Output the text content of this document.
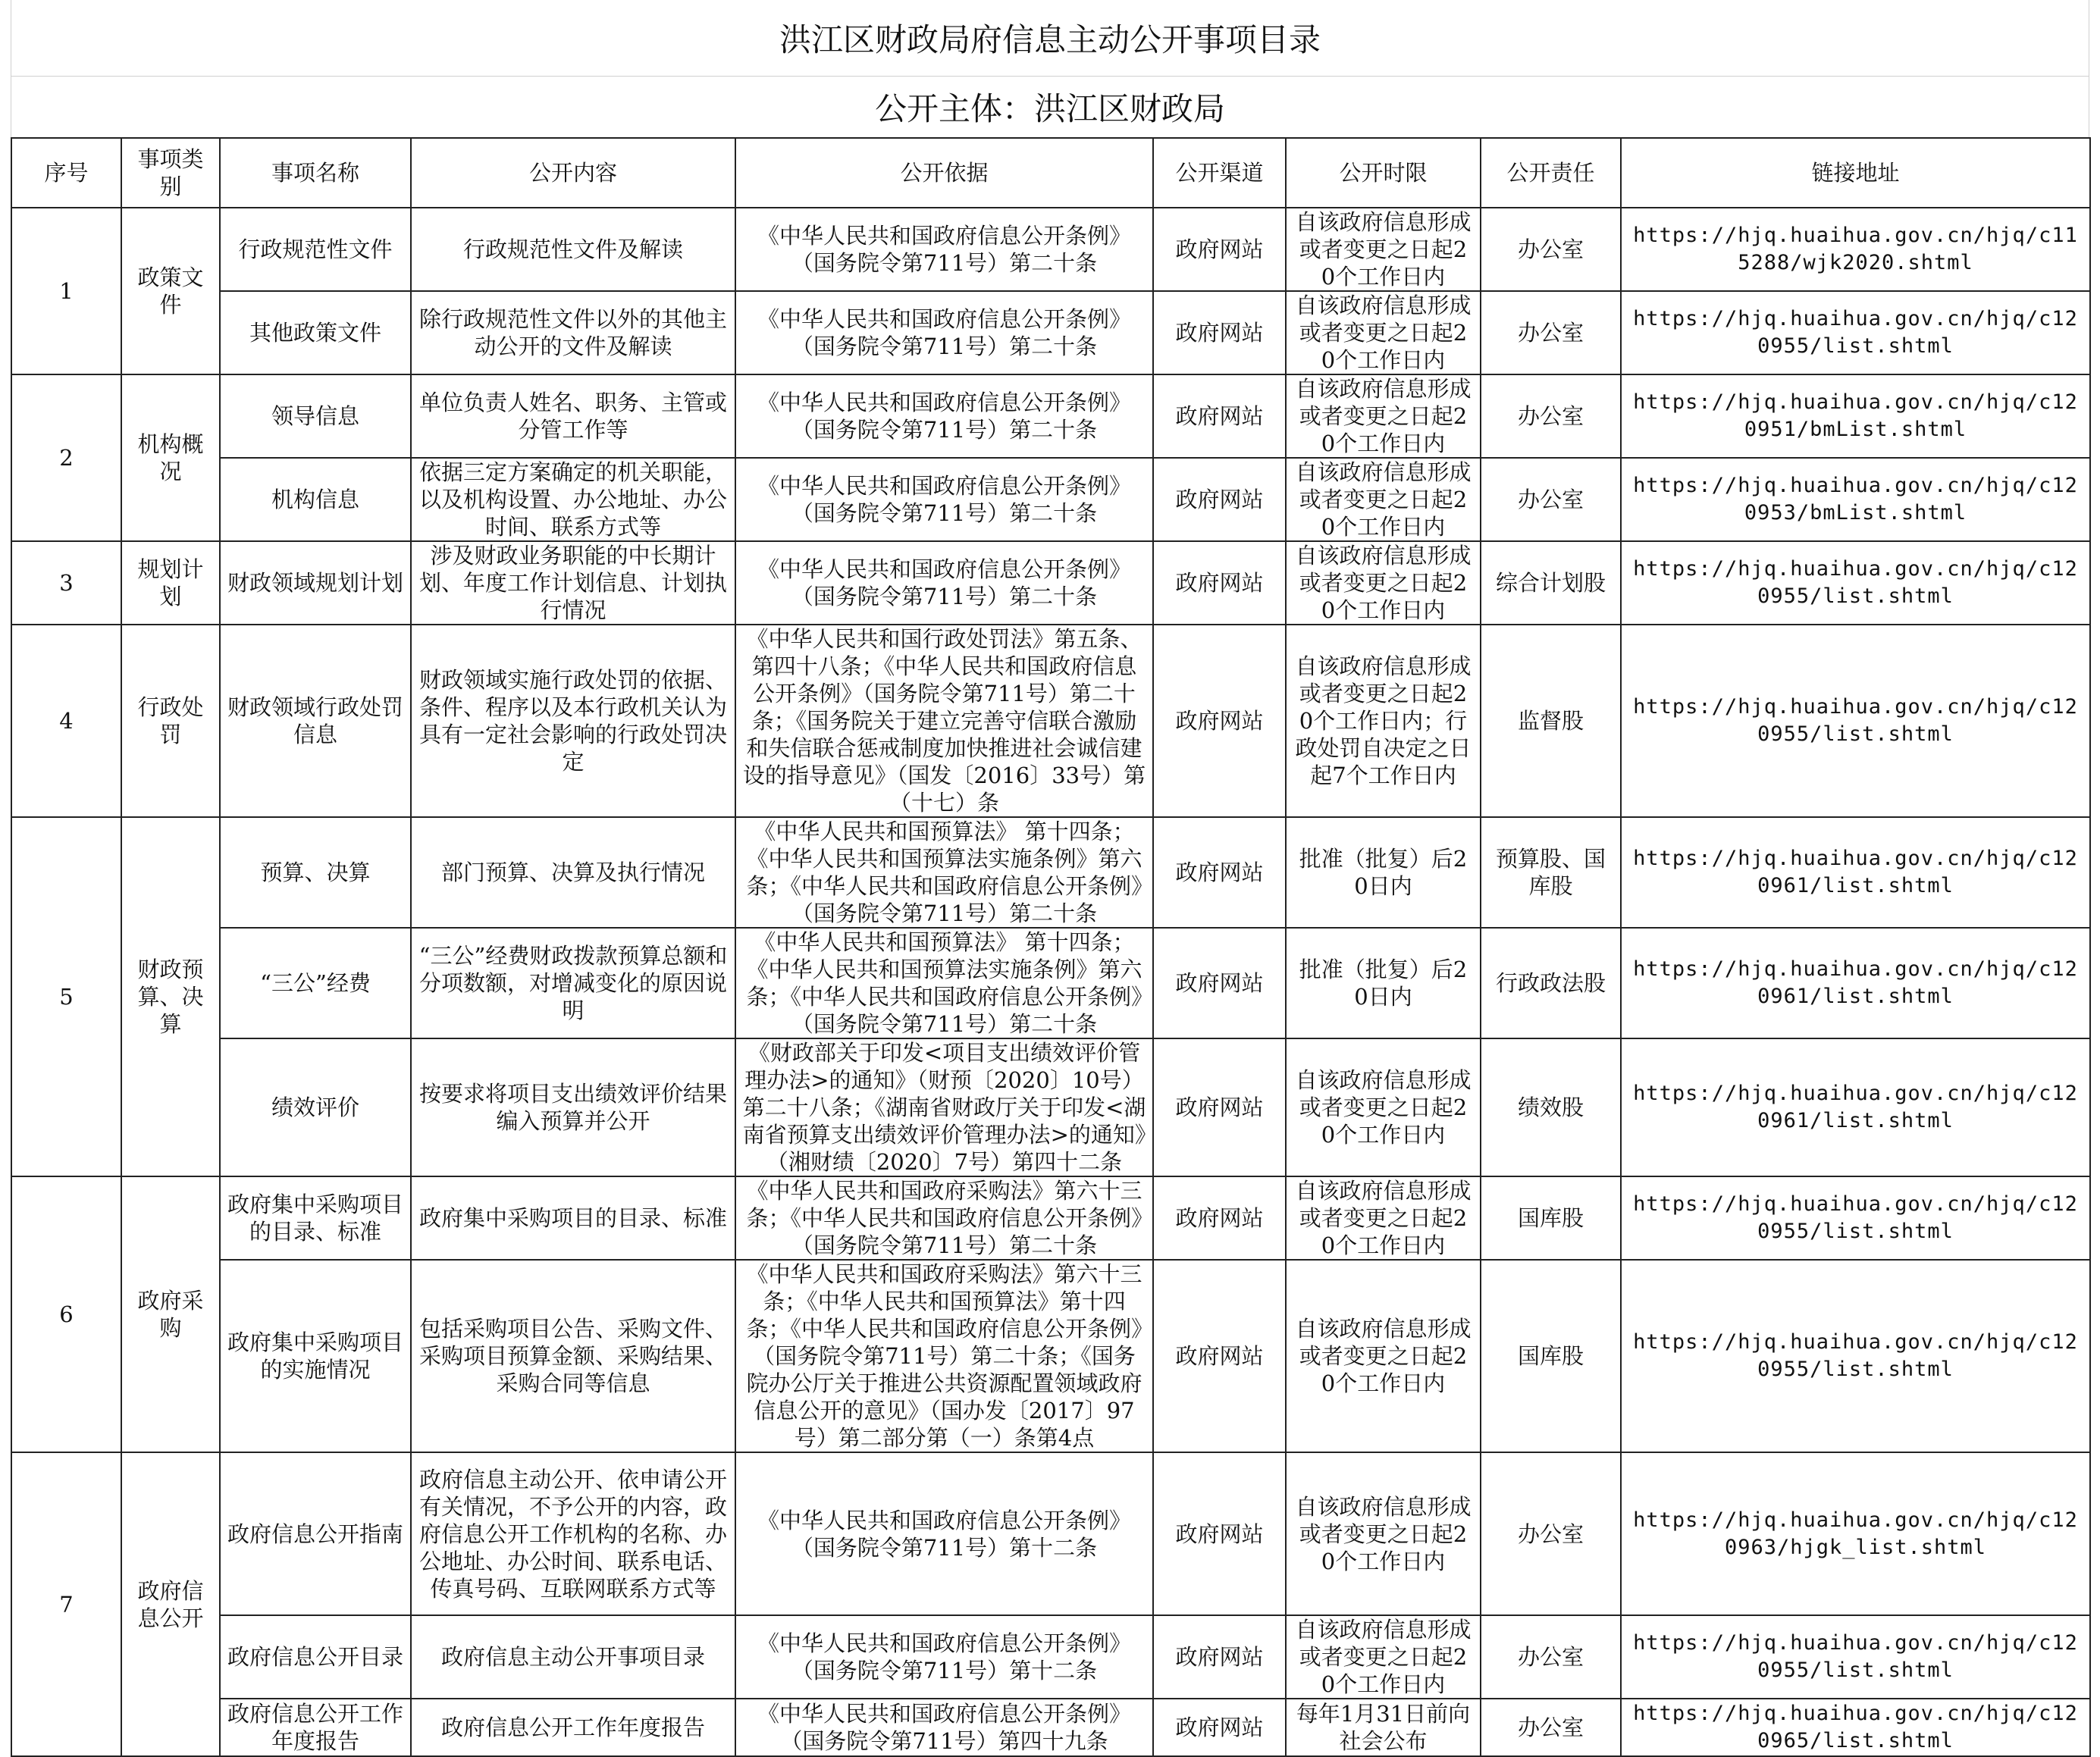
洪江区财政局府信息主动公开事项目录
公开主体：洪江区财政局
序号	事项类别	事项名称	公开内容	公开依据	公开渠道	公开时限	公开责任	链接地址
1	政策文件	行政规范性文件	行政规范性文件及解读	《中华人民共和国政府信息公开条例》（国务院令第711号）第二十条	政府网站	自该政府信息形成或者变更之日起20个工作日内	办公室	https://hjq.huaihua.gov.cn/hjq/c115288/wjk2020.shtml
		其他政策文件	除行政规范性文件以外的其他主动公开的文件及解读	《中华人民共和国政府信息公开条例》（国务院令第711号）第二十条	政府网站	自该政府信息形成或者变更之日起20个工作日内	办公室	https://hjq.huaihua.gov.cn/hjq/c120955/list.shtml
2	机构概况	领导信息	单位负责人姓名、职务、主管或分管工作等	《中华人民共和国政府信息公开条例》（国务院令第711号）第二十条	政府网站	自该政府信息形成或者变更之日起20个工作日内	办公室	https://hjq.huaihua.gov.cn/hjq/c120951/bmList.shtml
		机构信息	依据三定方案确定的机关职能，以及机构设置、办公地址、办公时间、联系方式等	《中华人民共和国政府信息公开条例》（国务院令第711号）第二十条	政府网站	自该政府信息形成或者变更之日起20个工作日内	办公室	https://hjq.huaihua.gov.cn/hjq/c120953/bmList.shtml
3	规划计划	财政领域规划计划	涉及财政业务职能的中长期计划、年度工作计划信息、计划执行情况	《中华人民共和国政府信息公开条例》（国务院令第711号）第二十条	政府网站	自该政府信息形成或者变更之日起20个工作日内	综合计划股	https://hjq.huaihua.gov.cn/hjq/c120955/list.shtml
4	行政处罚	财政领域行政处罚信息	财政领域实施行政处罚的依据、条件、程序以及本行政机关认为具有一定社会影响的行政处罚决定	《中华人民共和国行政处罚法》第五条、第四十八条；《中华人民共和国政府信息公开条例》（国务院令第711号）第二十条；《国务院关于建立完善守信联合激励和失信联合惩戒制度加快推进社会诚信建设的指导意见》（国发〔2016〕33号）第（十七）条	政府网站	自该政府信息形成或者变更之日起20个工作日内；行政处罚自决定之日起7个工作日内	监督股	https://hjq.huaihua.gov.cn/hjq/c120955/list.shtml
5	财政预算、决算	预算、决算	部门预算、决算及执行情况	《中华人民共和国预算法》 第十四条；《中华人民共和国预算法实施条例》第六条；《中华人民共和国政府信息公开条例》（国务院令第711号）第二十条	政府网站	批准（批复）后20日内	预算股、国库股	https://hjq.huaihua.gov.cn/hjq/c120961/list.shtml
		“三公”经费	“三公”经费财政拨款预算总额和分项数额，对增减变化的原因说明	《中华人民共和国预算法》 第十四条；《中华人民共和国预算法实施条例》第六条；《中华人民共和国政府信息公开条例》（国务院令第711号）第二十条	政府网站	批准（批复）后20日内	行政政法股	https://hjq.huaihua.gov.cn/hjq/c120961/list.shtml
		绩效评价	按要求将项目支出绩效评价结果编入预算并公开	《财政部关于印发<项目支出绩效评价管理办法>的通知》（财预〔2020〕10号）第二十八条；《湖南省财政厅关于印发<湖南省预算支出绩效评价管理办法>的通知》（湘财绩〔2020〕7号）第四十二条	政府网站	自该政府信息形成或者变更之日起20个工作日内	绩效股	https://hjq.huaihua.gov.cn/hjq/c120961/list.shtml
6	政府采购	政府集中采购项目的目录、标准	政府集中采购项目的目录、标准	《中华人民共和国政府采购法》第六十三条；《中华人民共和国政府信息公开条例》（国务院令第711号）第二十条	政府网站	自该政府信息形成或者变更之日起20个工作日内	国库股	https://hjq.huaihua.gov.cn/hjq/c120955/list.shtml
		政府集中采购项目的实施情况	包括采购项目公告、采购文件、采购项目预算金额、采购结果、采购合同等信息	《中华人民共和国政府采购法》第六十三条；《中华人民共和国预算法》第十四条；《中华人民共和国政府信息公开条例》（国务院令第711号）第二十条；《国务院办公厅关于推进公共资源配置领域政府信息公开的意见》（国办发〔2017〕97号）第二部分第（一）条第4点	政府网站	自该政府信息形成或者变更之日起20个工作日内	国库股	https://hjq.huaihua.gov.cn/hjq/c120955/list.shtml
7	政府信息公开	政府信息公开指南	政府信息主动公开、依申请公开有关情况，不予公开的内容，政府信息公开工作机构的名称、办公地址、办公时间、联系电话、传真号码、互联网联系方式等	《中华人民共和国政府信息公开条例》（国务院令第711号）第十二条	政府网站	自该政府信息形成或者变更之日起20个工作日内	办公室	https://hjq.huaihua.gov.cn/hjq/c120963/hjgk_list.shtml
		政府信息公开目录	政府信息主动公开事项目录	《中华人民共和国政府信息公开条例》（国务院令第711号）第十二条	政府网站	自该政府信息形成或者变更之日起20个工作日内	办公室	https://hjq.huaihua.gov.cn/hjq/c120955/list.shtml
		政府信息公开工作年度报告	政府信息公开工作年度报告	《中华人民共和国政府信息公开条例》（国务院令第711号）第四十九条	政府网站	每年1月31日前向社会公布	办公室	https://hjq.huaihua.gov.cn/hjq/c120965/list.shtml
